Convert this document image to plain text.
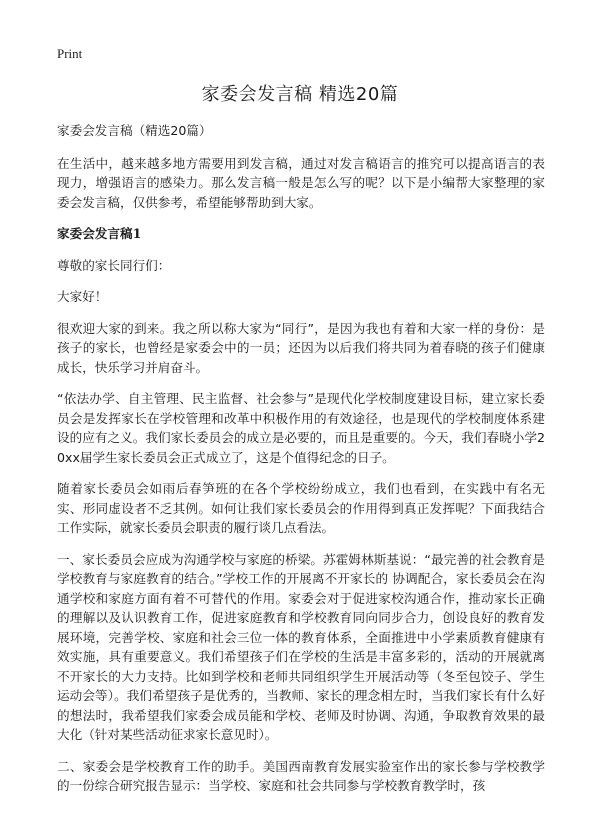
Print
家委会发言稿 精选20篇

家委会发言稿（精选20篇）

在生活中，越来越多地方需要用到发言稿，通过对发言稿语言的推究可以提高语言的表现力，增强语言的感染力。那么发言稿一般是怎么写的呢？以下是小编帮大家整理的家委会发言稿，仅供参考，希望能够帮助到大家。

家委会发言稿1

尊敬的家长同行们：

大家好！

很欢迎大家的到来。我之所以称大家为“同行”，是因为我也有着和大家一样的身份：是孩子的家长，也曾经是家委会中的一员；还因为以后我们将共同为着春晓的孩子们健康成长，快乐学习并肩奋斗。

“依法办学、自主管理、民主监督、社会参与”是现代化学校制度建设目标，建立家长委员会是发挥家长在学校管理和改革中积极作用的有效途径，也是现代的学校制度体系建设的应有之义。我们家长委员会的成立是必要的，而且是重要的。今天，我们春晓小学20xx届学生家长委员会正式成立了，这是个值得纪念的日子。

随着家长委员会如雨后春笋班的在各个学校纷纷成立，我们也看到，在实践中有名无实、形同虚设者不乏其例。如何让我们家长委员会的作用得到真正发挥呢？下面我结合工作实际，就家长委员会职责的履行谈几点看法。

一、家长委员会应成为沟通学校与家庭的桥梁。苏霍姆林斯基说：“最完善的社会教育是学校教育与家庭教育的结合。”学校工作的开展离不开家长的 协调配合，家长委员会在沟通学校和家庭方面有着不可替代的作用。家委会对于促进家校沟通合作，推动家长正确的理解以及认识教育工作，促进家庭教育和学校教育同向同步合力，创设良好的教育发展环境，完善学校、家庭和社会三位一体的教育体系，全面推进中小学素质教育健康有效实施，具有重要意义。我们希望孩子们在学校的生活是丰富多彩的，活动的开展就离不开家长的大力支持。比如到学校和老师共同组织学生开展活动等（冬至包饺子、学生运动会等）。我们希望孩子是优秀的，当教师、家长的理念相左时，当我们家长有什么好的想法时，我希望我们家委会成员能和学校、老师及时协调、沟通，争取教育效果的最大化（针对某些活动征求家长意见时）。

二、家委会是学校教育工作的助手。美国西南教育发展实验室作出的家长参与学校教学的一份综合研究报告显示：当学校、家庭和社会共同参与学校教育教学时，孩
